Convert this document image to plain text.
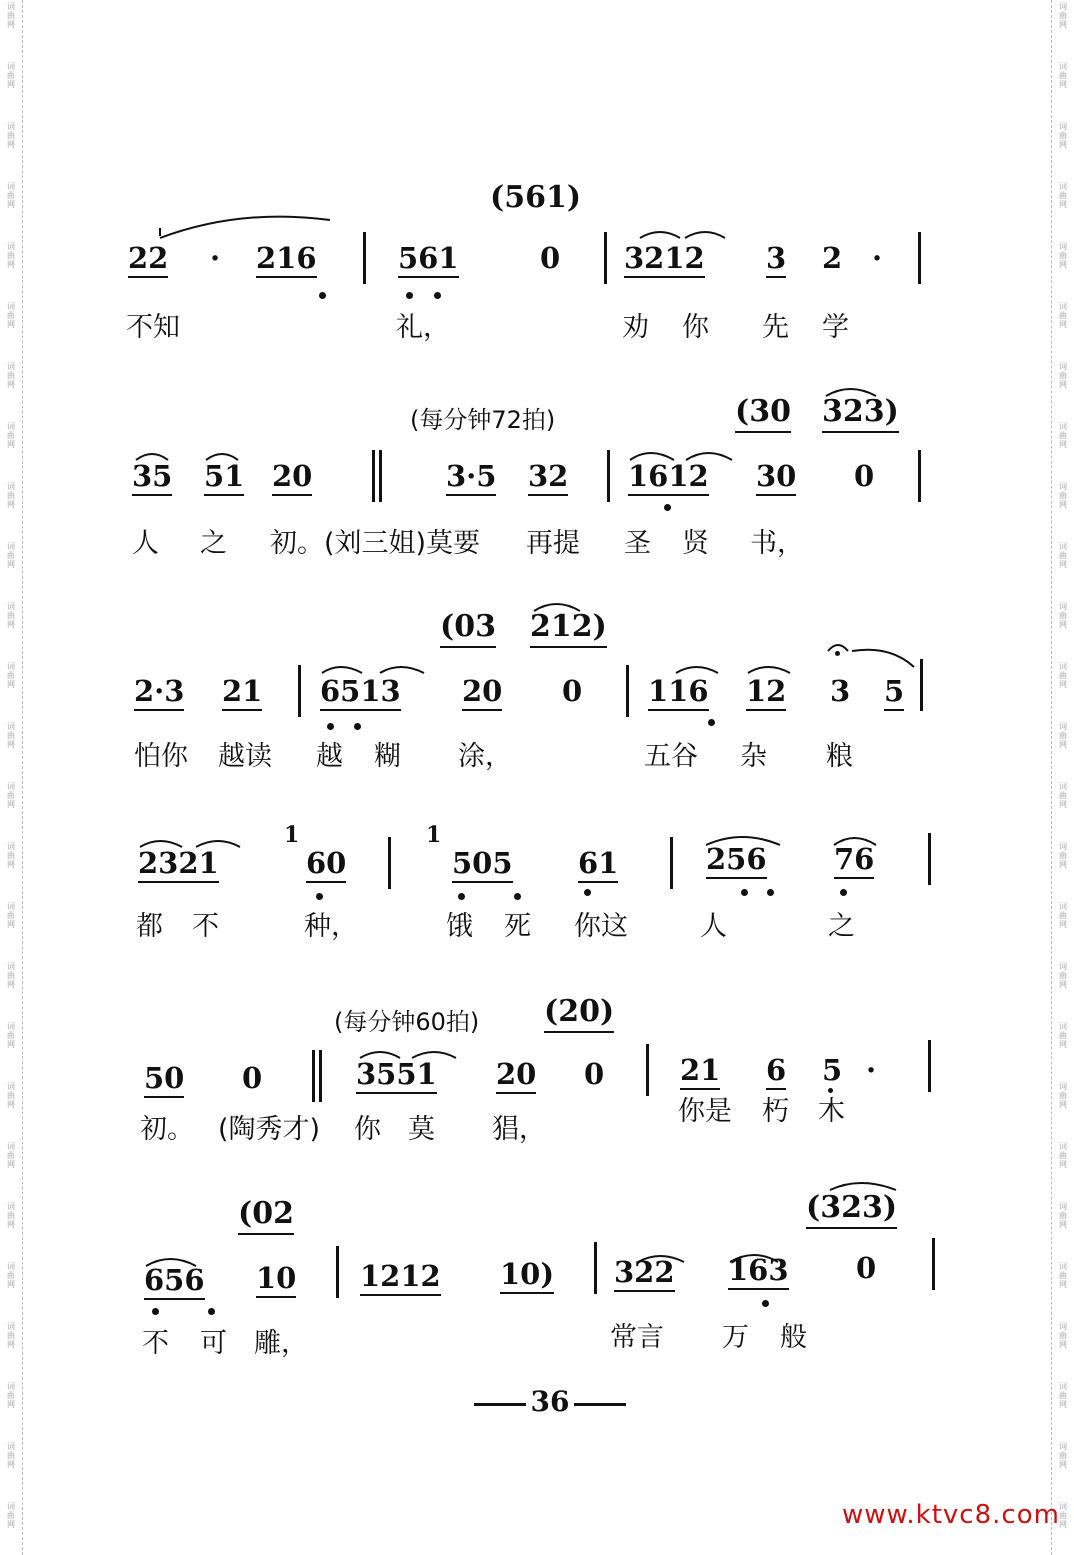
词
曲
网
词
曲
网
词
曲
网
词
曲
网
词
曲
网
词
曲
网
词
曲
网
词
曲
网
词
曲
网
词
曲
网
词
曲
网
词
曲
网
词
曲
网
词
曲
网
词
曲
网
词
曲
网
词
曲
网
词
曲
网
词
曲
网
词
曲
网
词
曲
网
词
曲
网
词
曲
网
词
曲
网
词
曲
网
词
曲
网
词
曲
网
词
曲
网
词
曲
网
词
曲
网
词
曲
网
词
曲
网
词
曲
网
词
曲
网
词
曲
网
词
曲
网
词
曲
网
词
曲
网
词
曲
网
词
曲
网
词
曲
网
词
曲
网
词
曲
网
词
曲
网
词
曲
网
词
曲
网
词
曲
网
词
曲
网
词
曲
网
词
曲
网
词
曲
网
词
曲
网
(561)
22 · 216	561	0 3212 3 2 ·
不知	礼，	劝 你 先 学
(每分钟72拍)	(30 323)
35 51 20	3·5 32 1612 30 0
人 之 初。(刘三姐)莫要 再提 圣 贤 书，
(03 212)
2·3 21 6513 20 0 116 12 3 5
怕你 越读 越 糊 涂，	五谷 杂 粮
2321
1
60
1
505 61	256 76
都 不	种，	饿 死 你这	人	之
(每分钟60拍) (20)
50 0	3551 20 0	21 6 5 ·
初。 (陶秀才) 你 莫 猖，
你是 朽 木
(02	(323)
656 10 1212 10) 322 163 0
不 可 雕，	常言 万 般
36
www.ktvc8.com
